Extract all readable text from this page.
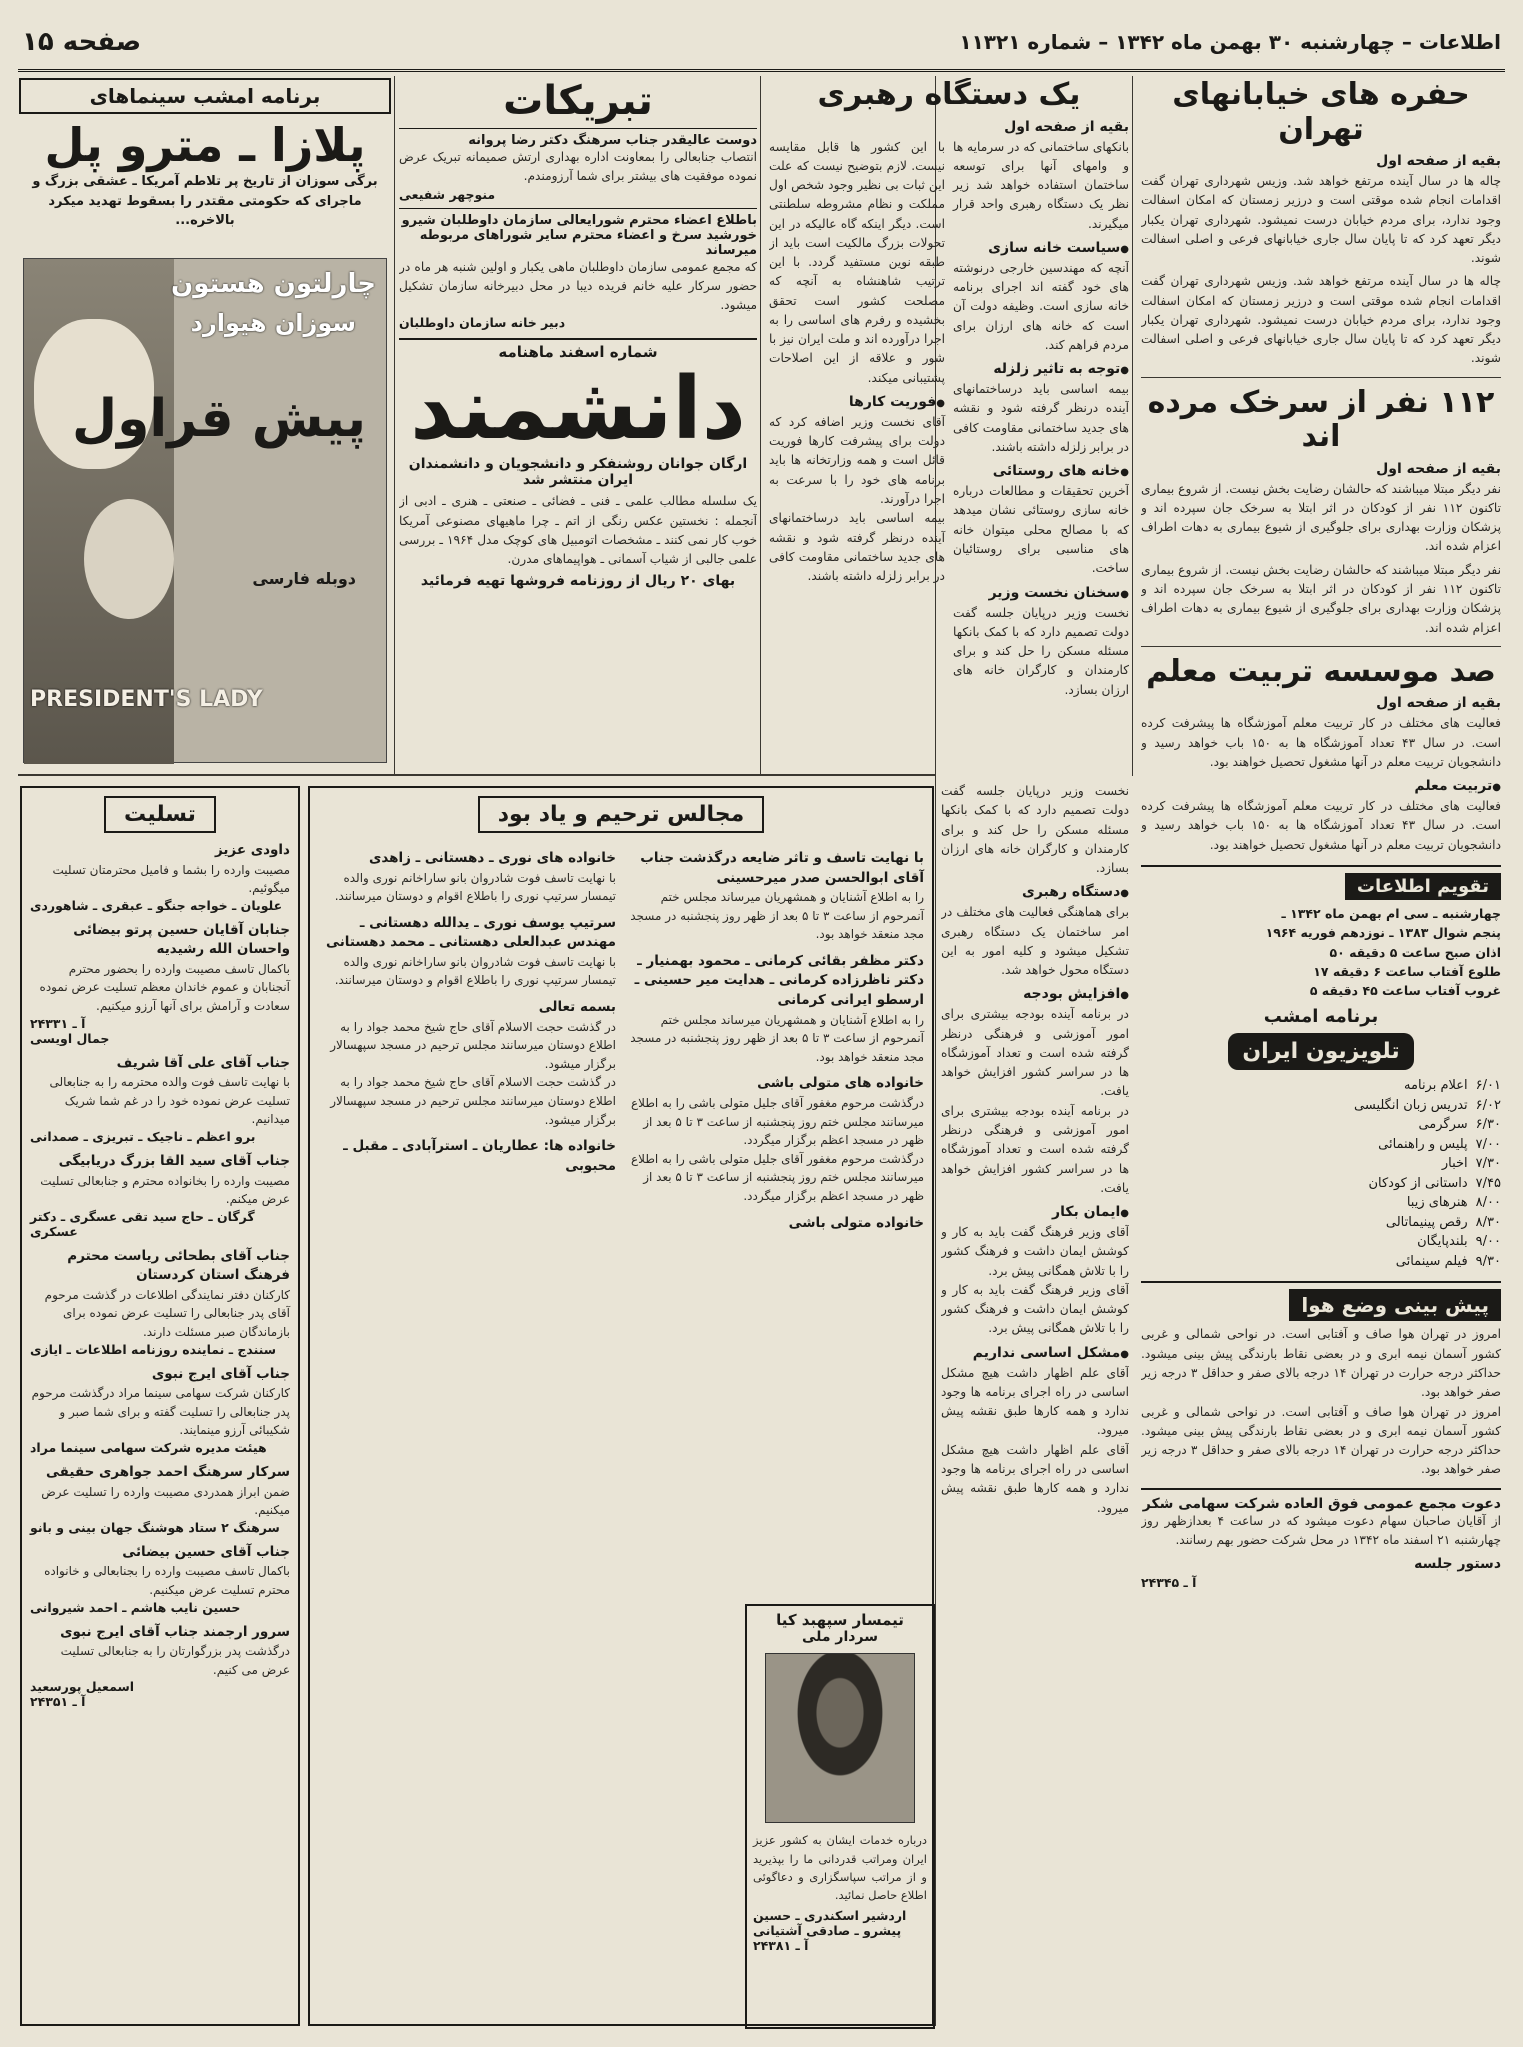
اطلاعات – چهارشنبه ۳۰ بهمن ماه ۱۳۴۲ – شماره ۱۱۳۲۱
صفحه ۱۵
حفره های خیابانهای تهران
بقیه از صفحه اول
چاله ها در سال آینده مرتفع خواهد شد. وزیس شهرداری تهران گفت اقدامات انجام شده موقتی است و درزیر زمستان که امکان اسفالت وجود ندارد، برای مردم خیابان درست نمیشود. شهرداری تهران یکبار دیگر تعهد کرد که تا پایان سال جاری خیابانهای فرعی و اصلی اسفالت شوند.
چاله ها در سال آینده مرتفع خواهد شد. وزیس شهرداری تهران گفت اقدامات انجام شده موقتی است و درزیر زمستان که امکان اسفالت وجود ندارد، برای مردم خیابان درست نمیشود. شهرداری تهران یکبار دیگر تعهد کرد که تا پایان سال جاری خیابانهای فرعی و اصلی اسفالت شوند.
۱۱۲ نفر از سرخک مرده اند
بقیه از صفحه اول
نفر دیگر مبتلا میباشند که حالشان رضایت بخش نیست. از شروع بیماری تاکنون ۱۱۲ نفر از کودکان در اثر ابتلا به سرخک جان سپرده اند و پزشکان وزارت بهداری برای جلوگیری از شیوع بیماری به دهات اطراف اعزام شده اند.
نفر دیگر مبتلا میباشند که حالشان رضایت بخش نیست. از شروع بیماری تاکنون ۱۱۲ نفر از کودکان در اثر ابتلا به سرخک جان سپرده اند و پزشکان وزارت بهداری برای جلوگیری از شیوع بیماری به دهات اطراف اعزام شده اند.
صد موسسه تربیت معلم
بقیه از صفحه اول
فعالیت های مختلف در کار تربیت معلم آموزشگاه ها پیشرفت کرده است. در سال ۴۳ تعداد آموزشگاه ها به ۱۵۰ باب خواهد رسید و دانشجویان تربیت معلم در آنها مشغول تحصیل خواهند بود.
● تربیت معلم
فعالیت های مختلف در کار تربیت معلم آموزشگاه ها پیشرفت کرده است. در سال ۴۳ تعداد آموزشگاه ها به ۱۵۰ باب خواهد رسید و دانشجویان تربیت معلم در آنها مشغول تحصیل خواهند بود.
تقویم اطلاعات
چهارشنبه ـ سی ام بهمن ماه ۱۳۴۲ ـ
پنجم شوال ۱۳۸۳ ـ نوزدهم فوریه ۱۹۶۴
اذان صبح ساعت ۵ دقیقه ۵۰
طلوع آفتاب ساعت ۶ دقیقه ۱۷
غروب آفتاب ساعت ۴۵ دقیقه ۵
برنامه امشب
تلویزیون ایران
۶/۰۱
اعلام برنامه
۶/۰۲
تدریس زبان انگلیسی
۶/۳۰
سرگرمی
۷/۰۰
پلیس و راهنمائی
۷/۳۰
اخبار
۷/۴۵
داستانی از کودکان
۸/۰۰
هنرهای زیبا
۸/۳۰
رقص پینیماتالی
۹/۰۰
بلندپایگان
۹/۳۰
فیلم سینمائی
پیش بینی وضع هوا
امروز در تهران هوا صاف و آفتابی است. در نواحی شمالی و غربی کشور آسمان نیمه ابری و در بعضی نقاط بارندگی پیش بینی میشود. حداکثر درجه حرارت در تهران ۱۴ درجه بالای صفر و حداقل ۳ درجه زیر صفر خواهد بود.
امروز در تهران هوا صاف و آفتابی است. در نواحی شمالی و غربی کشور آسمان نیمه ابری و در بعضی نقاط بارندگی پیش بینی میشود. حداکثر درجه حرارت در تهران ۱۴ درجه بالای صفر و حداقل ۳ درجه زیر صفر خواهد بود.
دعوت مجمع عمومی فوق العاده شرکت سهامی شکر
از آقایان صاحبان سهام دعوت میشود که در ساعت ۴ بعدازظهر روز چهارشنبه ۲۱ اسفند ماه ۱۳۴۲ در محل شرکت حضور بهم رسانند.
دستور جلسه
آ ـ ۲۴۳۴۵
یک دستگاه رهبری
بقیه از صفحه اول
بانکهای ساختمانی که در سرمایه ها و وامهای آنها برای توسعه ساختمان استفاده خواهد شد زیر نظر یک دستگاه رهبری واحد قرار میگیرند.
● سیاست خانه سازی
آنچه که مهندسین خارجی درنوشته های خود گفته اند اجرای برنامه خانه سازی است. وظیفه دولت آن است که خانه های ارزان برای مردم فراهم کند.
● توجه به تاثیر زلزله
بیمه اساسی باید درساختمانهای آینده درنظر گرفته شود و نقشه های جدید ساختمانی مقاومت کافی در برابر زلزله داشته باشند.
● خانه های روستائی
آخرین تحقیقات و مطالعات درباره خانه سازی روستائی نشان میدهد که با مصالح محلی میتوان خانه های مناسبی برای روستائیان ساخت.
● سخنان نخست وزیر
نخست وزیر درپایان جلسه گفت دولت تصمیم دارد که با کمک بانکها مسئله مسکن را حل کند و برای کارمندان و کارگران خانه های ارزان بسازد.
با این کشور ها قابل مقایسه نیست. لازم بتوضیح نیست که علت این ثبات بی نظیر وجود شخص اول مملکت و نظام مشروطه سلطنتی است. دیگر اینکه گاه عالیکه در این تحولات بزرگ مالکیت است باید از طبقه نوین مستفید گردد. با این ترتیب شاهنشاه به آنچه که مصلحت کشور است تحقق بخشیده و رفرم های اساسی را به اجرا درآورده اند و ملت ایران نیز با شور و علاقه از این اصلاحات پشتیبانی میکند.
● فوریت کارها
آقای نخست وزیر اضافه کرد که دولت برای پیشرفت کارها فوریت قائل است و همه وزارتخانه ها باید برنامه های خود را با سرعت به اجرا درآورند.
بیمه اساسی باید درساختمانهای آینده درنظر گرفته شود و نقشه های جدید ساختمانی مقاومت کافی در برابر زلزله داشته باشند.
نخست وزیر درپایان جلسه گفت دولت تصمیم دارد که با کمک بانکها مسئله مسکن را حل کند و برای کارمندان و کارگران خانه های ارزان بسازد.
● دستگاه رهبری
برای هماهنگی فعالیت های مختلف در امر ساختمان یک دستگاه رهبری تشکیل میشود و کلیه امور به این دستگاه محول خواهد شد.
● افزایش بودجه
در برنامه آینده بودجه بیشتری برای امور آموزشی و فرهنگی درنظر گرفته شده است و تعداد آموزشگاه ها در سراسر کشور افزایش خواهد یافت.
در برنامه آینده بودجه بیشتری برای امور آموزشی و فرهنگی درنظر گرفته شده است و تعداد آموزشگاه ها در سراسر کشور افزایش خواهد یافت.
● ایمان بکار
آقای وزیر فرهنگ گفت باید به کار و کوشش ایمان داشت و فرهنگ کشور را با تلاش همگانی پیش برد.
آقای وزیر فرهنگ گفت باید به کار و کوشش ایمان داشت و فرهنگ کشور را با تلاش همگانی پیش برد.
● مشکل اساسی نداریم
آقای علم اظهار داشت هیچ مشکل اساسی در راه اجرای برنامه ها وجود ندارد و همه کارها طبق نقشه پیش میرود.
آقای علم اظهار داشت هیچ مشکل اساسی در راه اجرای برنامه ها وجود ندارد و همه کارها طبق نقشه پیش میرود.
تیمسار سپهبد کیا
سردار ملی
درباره خدمات ایشان به کشور عزیز ایران ومراتب قدردانی ما را بپذیرید و از مراتب سپاسگزاری و دعاگوئی اطلاع حاصل نمائید.
اردشیر اسکندری ـ حسین پیشرو ـ صادقی آشتیانی
آ ـ ۲۴۳۸۱
تبریکات
دوست عالیقدر جناب سرهنگ دکتر رضا پروانه
انتصاب جنابعالی را بمعاونت اداره بهداری ارتش صمیمانه تبریک عرض نموده موفقیت های بیشتر برای شما آرزومندم.
منوچهر شفیعی
باطلاع اعضاء محترم شورایعالی سازمان داوطلبان شیرو خورشید سرخ و اعضاء محترم سایر شوراهای مربوطه میرساند
که مجمع عمومی سازمان داوطلبان ماهی یکبار و اولین شنبه هر ماه در حضور سرکار علیه خانم فریده دیبا در محل دبیرخانه سازمان تشکیل میشود.
دبیر خانه سازمان داوطلبان
شماره اسفند ماهنامه
دانشمند
ارگان جوانان روشنفکر و دانشجویان و دانشمندان ایران منتشر شد
یک سلسله مطالب علمی ـ فنی ـ فضائی ـ صنعتی ـ هنری ـ ادبی از آنجمله : نخستین عکس رنگی از اتم ـ چرا ماهیهای مصنوعی آمریکا خوب کار نمی کنند ـ مشخصات اتومبیل های کوچک مدل ۱۹۶۴ ـ بررسی علمی جالبی از شیاب آسمانی ـ هواپیماهای مدرن.
بهای ۲۰ ریال از روزنامه فروشها تهیه فرمائید
برنامه امشب سینماهای
پلازا ـ مترو پل
برگی سوزان از تاریخ پر تلاطم آمریکا ـ عشقی بزرگ و ماجرای که حکومتی مقتدر را بسقوط تهدید میکرد بالاخره...
چارلتون هستون
سوزان هیوارد
پیش قراول
دوبله فارسی
PRESIDENT'S LADY
مجالس ترحیم و یاد بود
با نهایت تاسف و تاثر ضایعه درگذشت جناب آقای ابوالحسن صدر میرحسینی
را به اطلاع آشنایان و همشهریان میرساند مجلس ختم آنمرحوم از ساعت ۳ تا ۵ بعد از ظهر روز پنجشنبه در مسجد مجد منعقد خواهد بود.
دکتر مظفر بقائی کرمانی ـ محمود بهمنیار ـ دکتر ناظرزاده کرمانی ـ هدایت میر حسینی ـ ارسطو ایرانی کرمانی
را به اطلاع آشنایان و همشهریان میرساند مجلس ختم آنمرحوم از ساعت ۳ تا ۵ بعد از ظهر روز پنجشنبه در مسجد مجد منعقد خواهد بود.
خانواده های متولی باشی
درگذشت مرحوم مغفور آقای جلیل متولی باشی را به اطلاع میرسانند مجلس ختم روز پنجشنبه از ساعت ۳ تا ۵ بعد از ظهر در مسجد اعظم برگزار میگردد.
درگذشت مرحوم مغفور آقای جلیل متولی باشی را به اطلاع میرسانند مجلس ختم روز پنجشنبه از ساعت ۳ تا ۵ بعد از ظهر در مسجد اعظم برگزار میگردد.
خانواده متولی باشی
خانواده های نوری ـ دهستانی ـ زاهدی
با نهایت تاسف فوت شادروان بانو ساراخانم نوری والده تیمسار سرتیپ نوری را باطلاع اقوام و دوستان میرسانند.
سرتیپ یوسف نوری ـ یدالله دهستانی ـ مهندس عبدالعلی دهستانی ـ محمد دهستانی
با نهایت تاسف فوت شادروان بانو ساراخانم نوری والده تیمسار سرتیپ نوری را باطلاع اقوام و دوستان میرسانند.
بسمه تعالی
در گذشت حجت الاسلام آقای حاج شیخ محمد جواد را به اطلاع دوستان میرسانند مجلس ترحیم در مسجد سپهسالار برگزار میشود.
در گذشت حجت الاسلام آقای حاج شیخ محمد جواد را به اطلاع دوستان میرسانند مجلس ترحیم در مسجد سپهسالار برگزار میشود.
خانواده ها: عطاریان ـ استرآبادی ـ مقبل ـ محبوبی
تسلیت
داودی عزیز
مصیبت وارده را بشما و فامیل محترمتان تسلیت میگوئیم.
علویان ـ خواجه جنگو ـ عبقری ـ شاهوردی
جنابان آقایان حسین پرتو بیضائی واحسان الله رشیدیه
باکمال تاسف مصیبت وارده را بحضور محترم آنجنابان و عموم خاندان معظم تسلیت عرض نموده سعادت و آرامش برای آنها آرزو میکنیم.
آ ـ ۲۴۳۳۱
جمال اویسی
جناب آقای علی آقا شریف
با نهایت تاسف فوت والده محترمه را به جنابعالی تسلیت عرض نموده خود را در غم شما شریک میدانیم.
برو اعظم ـ ناجیک ـ تبریزی ـ صمدانی
جناب آقای سید القا بزرگ دریابیگی
مصیبت وارده را بخانواده محترم و جنابعالی تسلیت عرض میکنم.
گرگان ـ حاج سید تقی عسگری ـ دکتر عسکری
جناب آقای بطحائی ریاست محترم فرهنگ استان کردستان
کارکنان دفتر نمایندگی اطلاعات در گذشت مرحوم آقای پدر جنابعالی را تسلیت عرض نموده برای بازماندگان صبر مسئلت دارند.
سنندج ـ نماینده روزنامه اطلاعات ـ ایازی
جناب آقای ایرج نبوی
کارکنان شرکت سهامی سینما مراد درگذشت مرحوم پدر جنابعالی را تسلیت گفته و برای شما صبر و شکیبائی آرزو مینمایند.
هیئت مدیره شرکت سهامی سینما مراد
سرکار سرهنگ احمد جواهری حقیقی
ضمن ابراز همدردی مصیبت وارده را تسلیت عرض میکنیم.
سرهنگ ۲ ستاد هوشنگ جهان بینی و بانو
جناب آقای حسین بیضائی
باکمال تاسف مصیبت وارده را بجنابعالی و خانواده محترم تسلیت عرض میکنیم.
حسین نایب هاشم ـ احمد شیروانی
سرور ارجمند جناب آقای ایرج نبوی
درگذشت پدر بزرگوارتان را به جنابعالی تسلیت عرض می کنیم.
اسمعیل پورسعید
آ ـ ۲۴۳۵۱
